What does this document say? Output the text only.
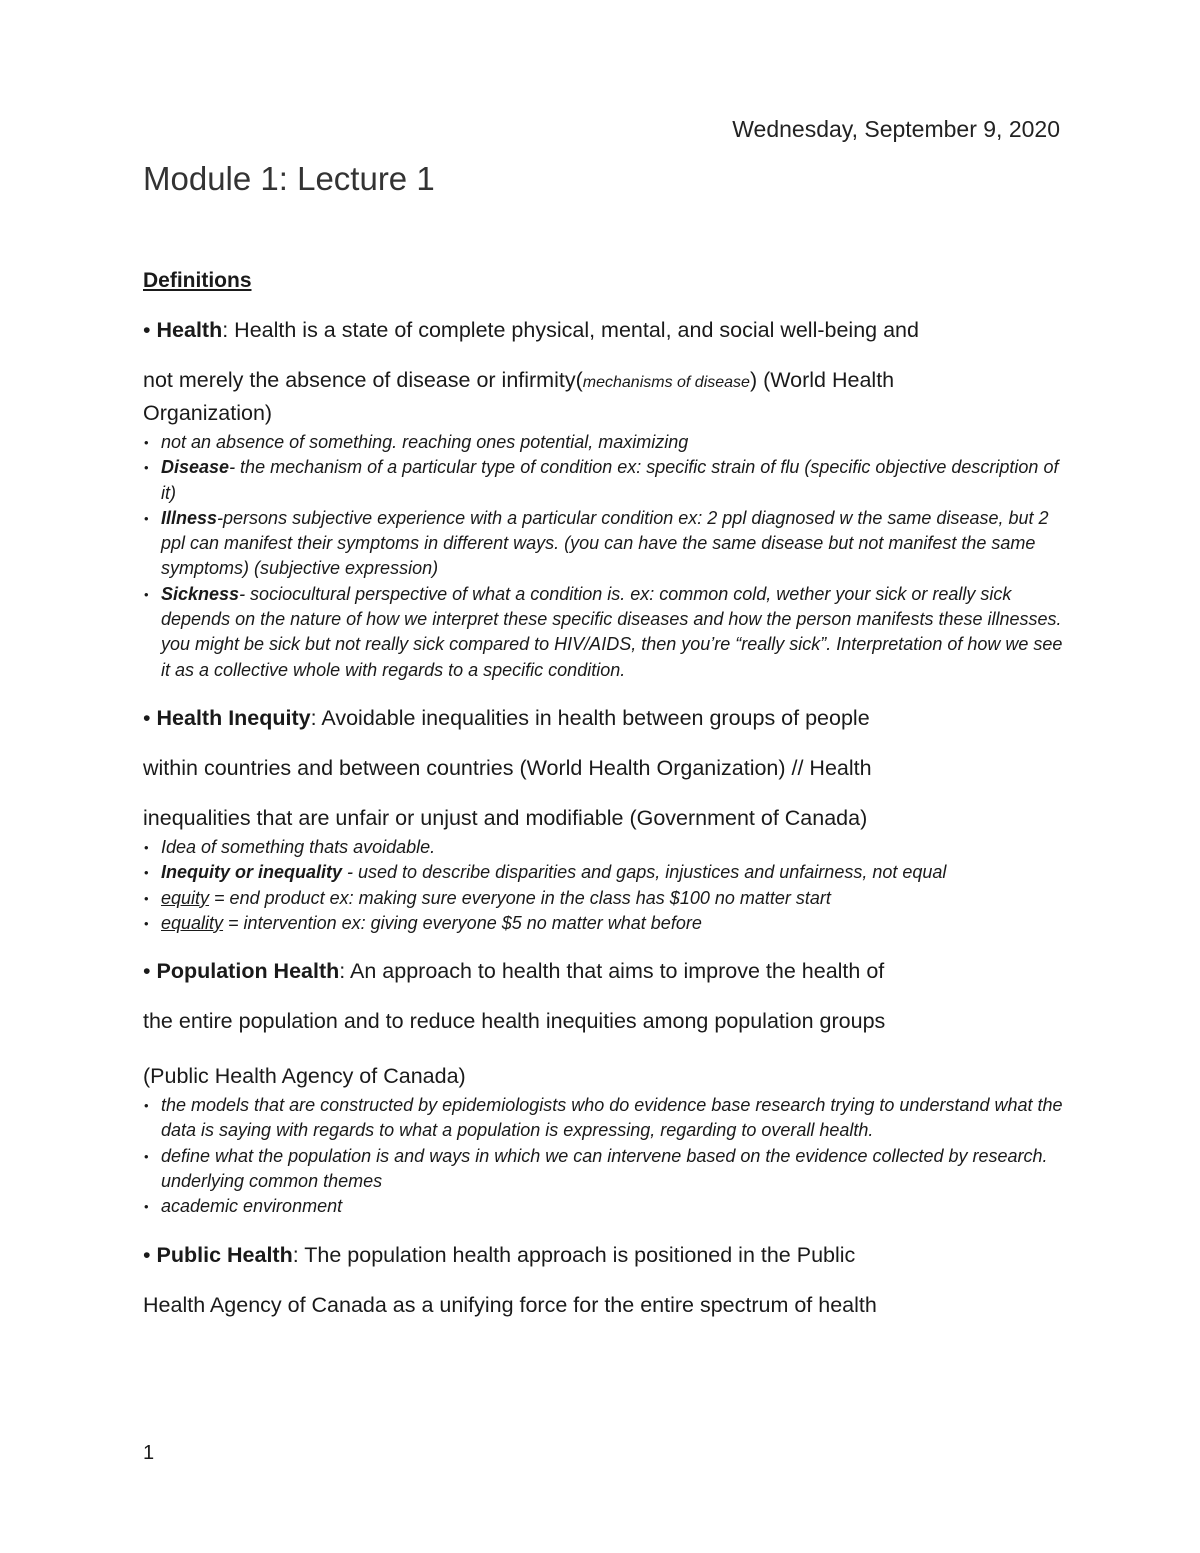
Wednesday, September 9, 2020
Module 1: Lecture 1
Definitions

• Health: Health is a state of complete physical, mental, and social well-being and

not merely the absence of disease or infirmity(mechanisms of disease) (World Health

Organization)

• not an absence of something. reaching ones potential, maximizing
• Disease- the mechanism of a particular type of condition ex: specific strain of flu (specific objective description of it)
• Illness-persons subjective experience with a particular condition ex: 2 ppl diagnosed w the same disease, but 2 ppl can manifest their symptoms in different ways. (you can have the same disease but not manifest the same symptoms) (subjective expression)
• Sickness- sociocultural perspective of what a condition is. ex: common cold, wether your sick or really sick depends on the nature of how we interpret these specific diseases and how the person manifests these illnesses. you might be sick but not really sick compared to HIV/AIDS, then you’re “really sick”. Interpretation of how we see it as a collective whole with regards to a specific condition.

• Health Inequity: Avoidable inequalities in health between groups of people

within countries and between countries (World Health Organization) // Health

inequalities that are unfair or unjust and modifiable (Government of Canada)

• Idea of something thats avoidable.
• Inequity or inequality - used to describe disparities and gaps, injustices and unfairness, not equal
• equity = end product ex: making sure everyone in the class has $100 no matter start
• equality = intervention ex: giving everyone $5 no matter what before

• Population Health: An approach to health that aims to improve the health of

the entire population and to reduce health inequities among population groups

(Public Health Agency of Canada)

• the models that are constructed by epidemiologists who do evidence base research trying to understand what the data is saying with regards to what a population is expressing, regarding to overall health.
• define what the population is and ways in which we can intervene based on the evidence collected by research. underlying common themes
• academic environment

• Public Health: The population health approach is positioned in the Public

Health Agency of Canada as a unifying force for the entire spectrum of health

1
